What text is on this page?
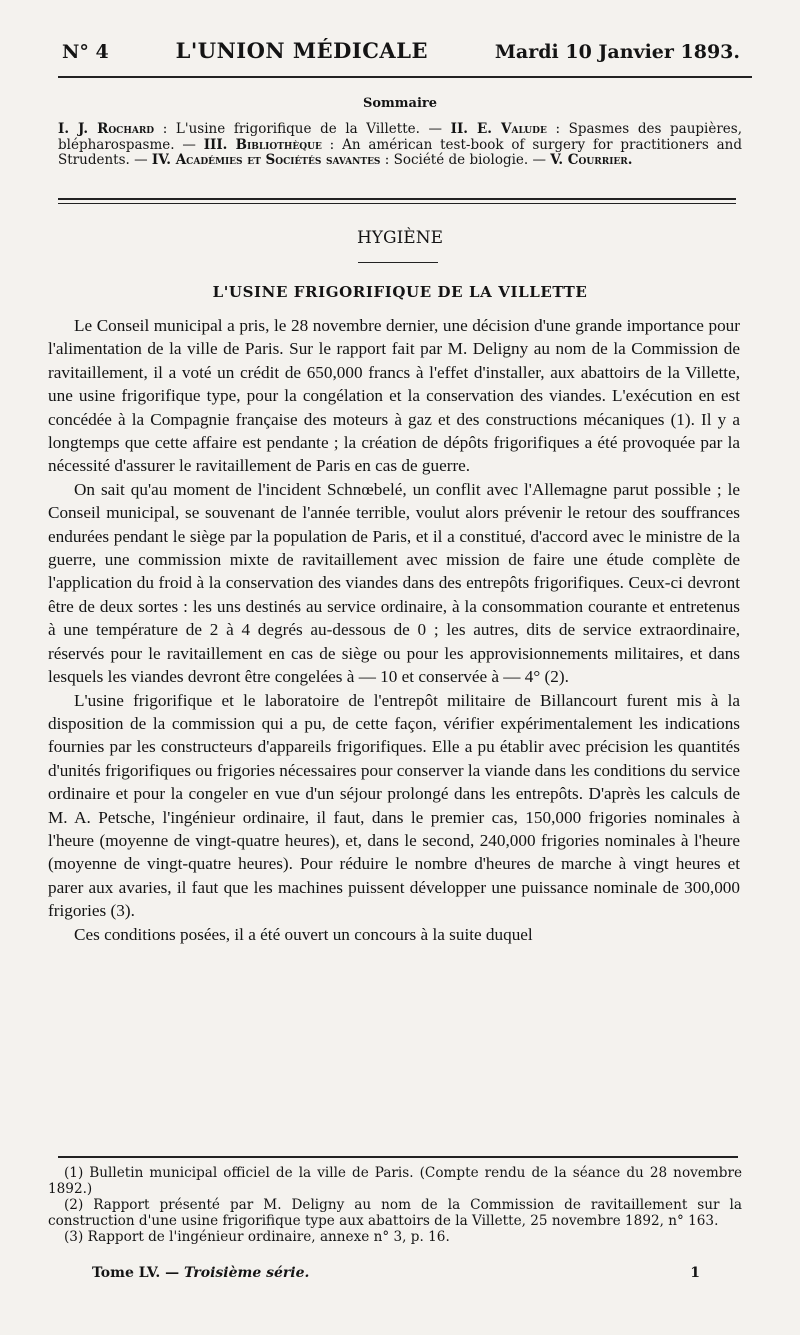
N° 4	L'UNION MÉDICALE	Mardi 10 Janvier 1893.
Sommaire
I. J. Rochard : L'usine frigorifique de la Villette. — II. E. Valude : Spasmes des paupières, blépharospasme. — III. Bibliothèque : An américan test-book of surgery for practitioners and Strudents. — IV. Académies et Sociétés savantes : Société de biologie. — V. Courrier.
HYGIÈNE
L'USINE FRIGORIFIQUE DE LA VILLETTE

Le Conseil municipal a pris, le 28 novembre dernier, une décision d'une grande importance pour l'alimentation de la ville de Paris. Sur le rapport fait par M. Deligny au nom de la Commission de ravitaillement, il a voté un crédit de 650,000 francs à l'effet d'installer, aux abattoirs de la Villette, une usine frigorifique type, pour la congélation et la conservation des viandes. L'exécution en est concédée à la Compagnie française des moteurs à gaz et des constructions mécaniques (1). Il y a longtemps que cette affaire est pendante ; la création de dépôts frigorifiques a été provoquée par la nécessité d'assurer le ravitaillement de Paris en cas de guerre.

On sait qu'au moment de l'incident Schnœbelé, un conflit avec l'Allemagne parut possible ; le Conseil municipal, se souvenant de l'année terrible, voulut alors prévenir le retour des souffrances endurées pendant le siège par la population de Paris, et il a constitué, d'accord avec le ministre de la guerre, une commission mixte de ravitaillement avec mission de faire une étude complète de l'application du froid à la conservation des viandes dans des entrepôts frigorifiques. Ceux-ci devront être de deux sortes : les uns destinés au service ordinaire, à la consommation courante et entretenus à une température de 2 à 4 degrés au-dessous de 0 ; les autres, dits de service extraordinaire, réservés pour le ravitaillement en cas de siège ou pour les approvisionnements militaires, et dans lesquels les viandes devront être congelées à — 10 et conservée à — 4° (2).

L'usine frigorifique et le laboratoire de l'entrepôt militaire de Billancourt furent mis à la disposition de la commission qui a pu, de cette façon, vérifier expérimentalement les indications fournies par les constructeurs d'appareils frigorifiques. Elle a pu établir avec précision les quantités d'unités frigorifiques ou frigories nécessaires pour conserver la viande dans les conditions du service ordinaire et pour la congeler en vue d'un séjour prolongé dans les entrepôts. D'après les calculs de M. A. Petsche, l'ingénieur ordinaire, il faut, dans le premier cas, 150,000 frigories nominales à l'heure (moyenne de vingt-quatre heures), et, dans le second, 240,000 frigories nominales à l'heure (moyenne de vingt-quatre heures). Pour réduire le nombre d'heures de marche à vingt heures et parer aux avaries, il faut que les machines puissent développer une puissance nominale de 300,000 frigories (3).

Ces conditions posées, il a été ouvert un concours à la suite duquel

(1) Bulletin municipal officiel de la ville de Paris. (Compte rendu de la séance du 28 novembre 1892.)

(2) Rapport présenté par M. Deligny au nom de la Commission de ravitaillement sur la construction d'une usine frigorifique type aux abattoirs de la Villette, 25 novembre 1892, n° 163.

(3) Rapport de l'ingénieur ordinaire, annexe n° 3, p. 16.

Tome LV. — Troisième série.	1
